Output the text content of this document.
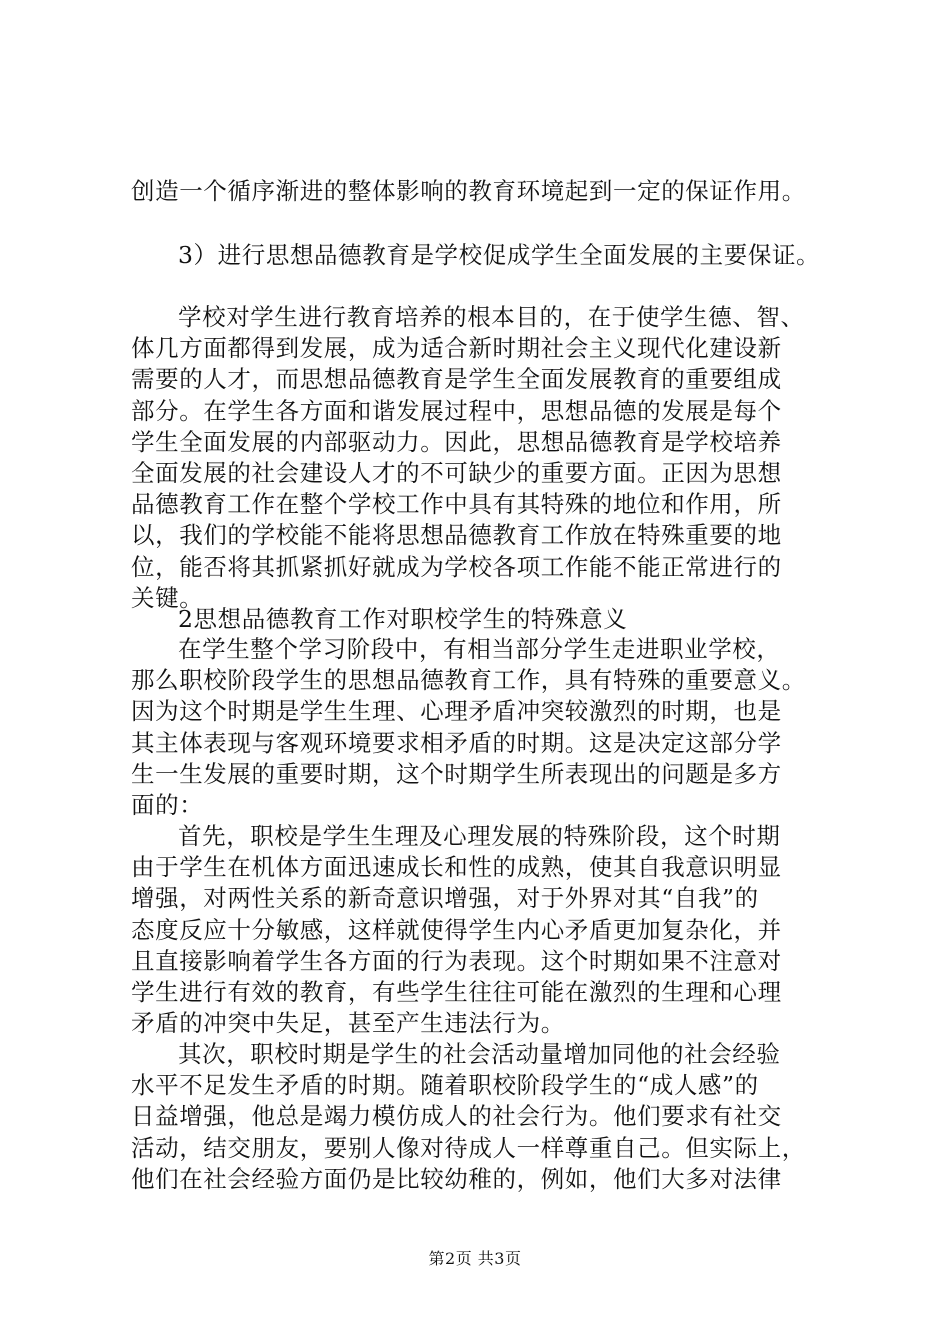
创造一个循序渐进的整体影响的教育环境起到一定的保证作用。
3）进行思想品德教育是学校促成学生全面发展的主要保证。
学校对学生进行教育培养的根本目的，在于使学生德、智、
体几方面都得到发展，成为适合新时期社会主义现代化建设新
需要的人才，而思想品德教育是学生全面发展教育的重要组成
部分。在学生各方面和谐发展过程中，思想品德的发展是每个
学生全面发展的内部驱动力。因此，思想品德教育是学校培养
全面发展的社会建设人才的不可缺少的重要方面。正因为思想
品德教育工作在整个学校工作中具有其特殊的地位和作用，所
以，我们的学校能不能将思想品德教育工作放在特殊重要的地
位，能否将其抓紧抓好就成为学校各项工作能不能正常进行的
关键。
2思想品德教育工作对职校学生的特殊意义
在学生整个学习阶段中，有相当部分学生走进职业学校，
那么职校阶段学生的思想品德教育工作，具有特殊的重要意义。
因为这个时期是学生生理、心理矛盾冲突较激烈的时期，也是
其主体表现与客观环境要求相矛盾的时期。这是决定这部分学
生一生发展的重要时期，这个时期学生所表现出的问题是多方
面的：
首先，职校是学生生理及心理发展的特殊阶段，这个时期
由于学生在机体方面迅速成长和性的成熟，使其自我意识明显
增强，对两性关系的新奇意识增强，对于外界对其“自我”的
态度反应十分敏感，这样就使得学生内心矛盾更加复杂化，并
且直接影响着学生各方面的行为表现。这个时期如果不注意对
学生进行有效的教育，有些学生往往可能在激烈的生理和心理
矛盾的冲突中失足，甚至产生违法行为。
其次，职校时期是学生的社会活动量增加同他的社会经验
水平不足发生矛盾的时期。随着职校阶段学生的“成人感”的
日益增强，他总是竭力模仿成人的社会行为。他们要求有社交
活动，结交朋友，要别人像对待成人一样尊重自己。但实际上，
他们在社会经验方面仍是比较幼稚的，例如，他们大多对法律
第2页 共3页
